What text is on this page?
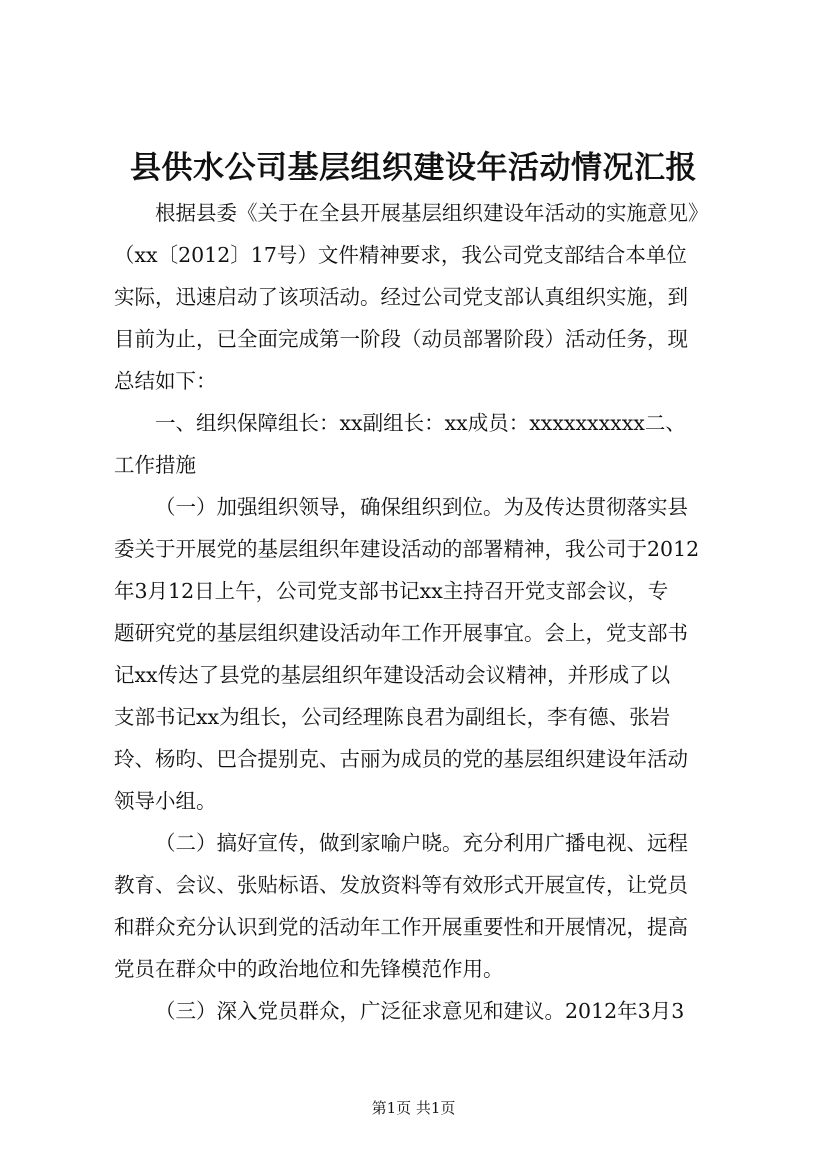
县供水公司基层组织建设年活动情况汇报
根据县委《关于在全县开展基层组织建设年活动的实施意见》
（xx〔2012〕17号）文件精神要求，我公司党支部结合本单位
实际，迅速启动了该项活动。经过公司党支部认真组织实施，到
目前为止，已全面完成第一阶段（动员部署阶段）活动任务，现
总结如下：
一、组织保障组长：xx副组长：xx成员：xxxxxxxxxx二、
工作措施
（一）加强组织领导，确保组织到位。为及传达贯彻落实县
委关于开展党的基层组织年建设活动的部署精神，我公司于2012
年3月12日上午，公司党支部书记xx主持召开党支部会议，专
题研究党的基层组织建设活动年工作开展事宜。会上，党支部书
记xx传达了县党的基层组织年建设活动会议精神，并形成了以
支部书记xx为组长，公司经理陈良君为副组长，李有德、张岩
玲、杨昀、巴合提别克、古丽为成员的党的基层组织建设年活动
领导小组。
（二）搞好宣传，做到家喻户晓。充分利用广播电视、远程
教育、会议、张贴标语、发放资料等有效形式开展宣传，让党员
和群众充分认识到党的活动年工作开展重要性和开展情况，提高
党员在群众中的政治地位和先锋模范作用。
（三）深入党员群众，广泛征求意见和建议。2012年3月3
第1页 共1页
